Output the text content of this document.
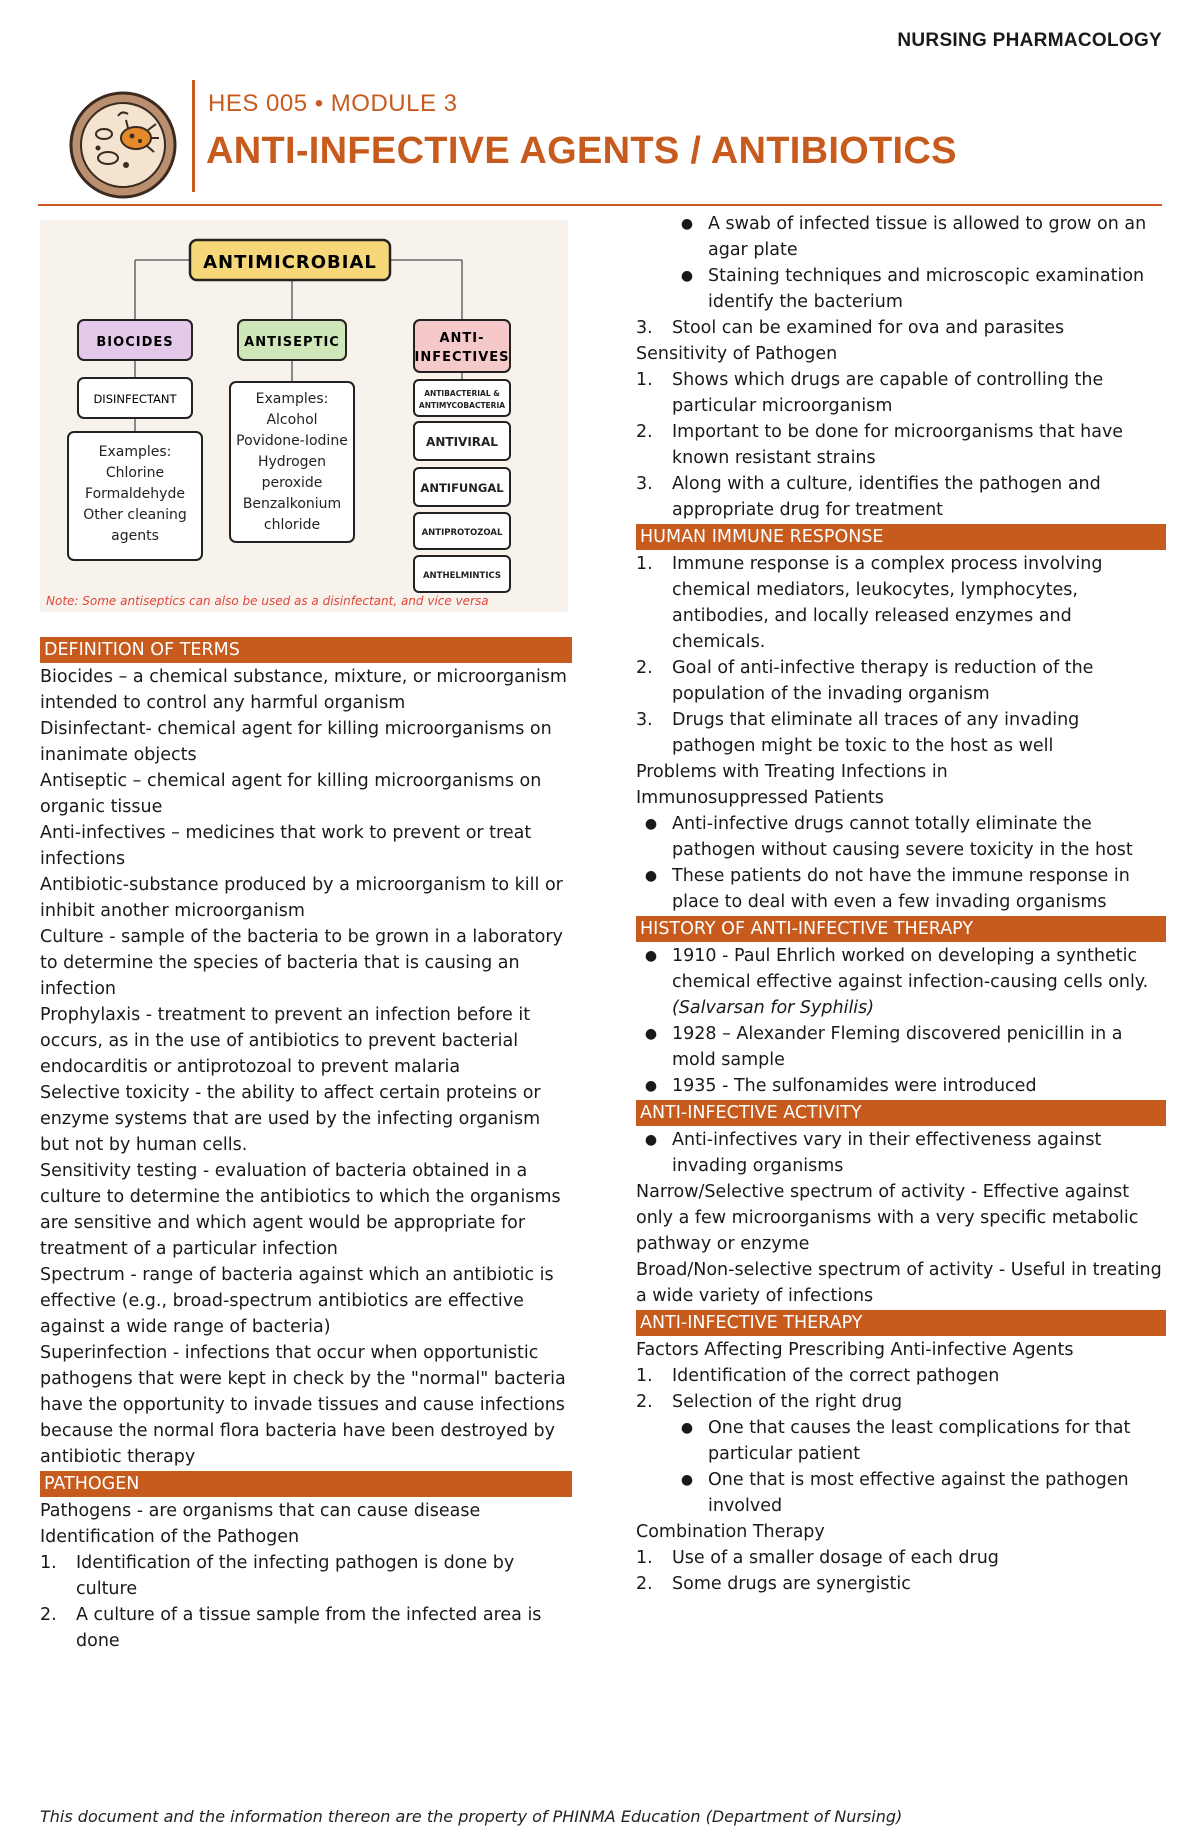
NURSING PHARMACOLOGY
HES 005 • MODULE 3
ANTI-INFECTIVE AGENTS / ANTIBIOTICS
ANTIMICROBIAL
BIOCIDES	ANTISEPTIC	ANTI-
INFECTIVES
DISINFECTANT
Examples:
Chlorine
Formaldehyde
Other cleaning
agents
Examples:
Alcohol
Povidone-Iodine
Hydrogen
peroxide
Benzalkonium
chloride
ANTIBACTERIAL &
ANTIMYCOBACTERIA
ANTIVIRAL
ANTIFUNGAL
ANTIPROTOZOAL
ANTHELMINTICS
Note: Some antiseptics can also be used as a disinfectant, and vice versa
DEFINITION OF TERMS
Biocides – a chemical substance, mixture, or microorganism intended to control any harmful organism
Disinfectant- chemical agent for killing microorganisms on inanimate objects
Antiseptic – chemical agent for killing microorganisms on organic tissue
Anti-infectives – medicines that work to prevent or treat infections
Antibiotic-substance produced by a microorganism to kill or inhibit another microorganism
Culture - sample of the bacteria to be grown in a laboratory to determine the species of bacteria that is causing an infection
Prophylaxis - treatment to prevent an infection before it occurs, as in the use of antibiotics to prevent bacterial endocarditis or antiprotozoal to prevent malaria
Selective toxicity - the ability to affect certain proteins or enzyme systems that are used by the infecting organism but not by human cells.
Sensitivity testing - evaluation of bacteria obtained in a culture to determine the antibiotics to which the organisms are sensitive and which agent would be appropriate for treatment of a particular infection
Spectrum - range of bacteria against which an antibiotic is effective (e.g., broad-spectrum antibiotics are effective against a wide range of bacteria)
Superinfection - infections that occur when opportunistic pathogens that were kept in check by the "normal" bacteria have the opportunity to invade tissues and cause infections because the normal flora bacteria have been destroyed by antibiotic therapy
PATHOGEN
Pathogens - are organisms that can cause disease
Identification of the Pathogen
1.	Identification of the infecting pathogen is done by culture
2.	A culture of a tissue sample from the infected area is done
● A swab of infected tissue is allowed to grow on an agar plate
● Staining techniques and microscopic examination identify the bacterium
3.	Stool can be examined for ova and parasites
Sensitivity of Pathogen
1.	Shows which drugs are capable of controlling the particular microorganism
2.	Important to be done for microorganisms that have known resistant strains
3.	Along with a culture, identifies the pathogen and appropriate drug for treatment
HUMAN IMMUNE RESPONSE
1.	Immune response is a complex process involving chemical mediators, leukocytes, lymphocytes, antibodies, and locally released enzymes and chemicals.
2.	Goal of anti-infective therapy is reduction of the population of the invading organism
3.	Drugs that eliminate all traces of any invading pathogen might be toxic to the host as well
Problems with Treating Infections in
Immunosuppressed Patients
● Anti-infective drugs cannot totally eliminate the pathogen without causing severe toxicity in the host
● These patients do not have the immune response in place to deal with even a few invading organisms
HISTORY OF ANTI-INFECTIVE THERAPY
● 1910 - Paul Ehrlich worked on developing a synthetic chemical effective against infection-causing cells only. (Salvarsan for Syphilis)
● 1928 – Alexander Fleming discovered penicillin in a mold sample
● 1935 - The sulfonamides were introduced
ANTI-INFECTIVE ACTIVITY
● Anti-infectives vary in their effectiveness against invading organisms
Narrow/Selective spectrum of activity - Effective against only a few microorganisms with a very specific metabolic pathway or enzyme
Broad/Non-selective spectrum of activity - Useful in treating a wide variety of infections
ANTI-INFECTIVE THERAPY
Factors Affecting Prescribing Anti-infective Agents
1.	Identification of the correct pathogen
2.	Selection of the right drug
● One that causes the least complications for that particular patient
● One that is most effective against the pathogen involved
Combination Therapy
1.	Use of a smaller dosage of each drug
2.	Some drugs are synergistic
This document and the information thereon are the property of PHINMA Education (Department of Nursing)
